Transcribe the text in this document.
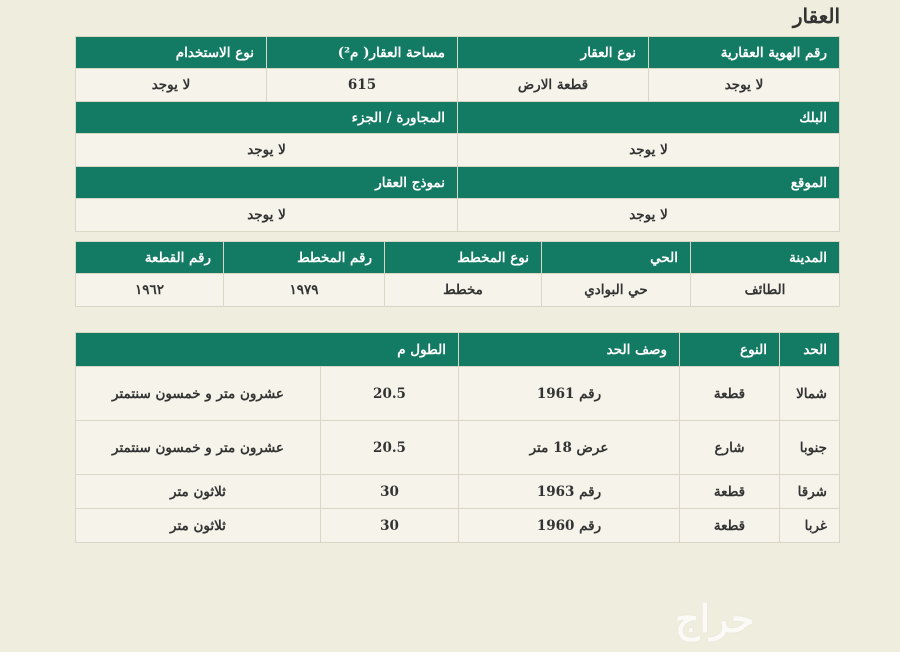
العقار
رقم الهوية العقارية	نوع العقار	مساحة العقار( م²)	نوع الاستخدام
لا يوجد	قطعة الارض	615	لا يوجد
البلك		المجاورة / الجزء	
لا يوجد		لا يوجد	
الموقع		نموذج العقار	
لا يوجد		لا يوجد	
المدينة	الحي	نوع المخطط	رقم المخطط	رقم القطعة
الطائف	حي البوادي	مخطط	١٩٧٩	١٩٦٢
الحد	النوع	وصف الحد	الطول م	
شمالا	قطعة	رقم 1961	20.5	عشرون متر و خمسون سنتمتر
جنوبا	شارع	عرض 18 متر	20.5	عشرون متر و خمسون سنتمتر
شرقا	قطعة	رقم 1963	30	ثلاثون متر
غربا	قطعة	رقم 1960	30	ثلاثون متر
حراج
